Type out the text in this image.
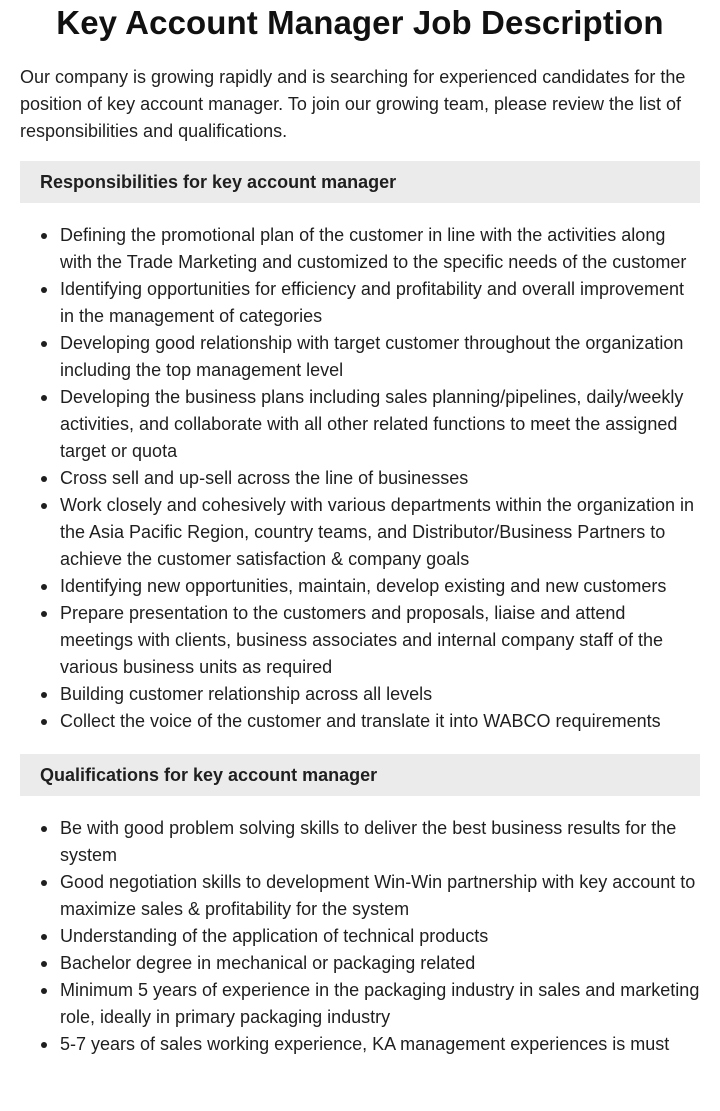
Key Account Manager Job Description

Our company is growing rapidly and is searching for experienced candidates for the position of key account manager. To join our growing team, please review the list of responsibilities and qualifications.

Responsibilities for key account manager
Defining the promotional plan of the customer in line with the activities along with the Trade Marketing and customized to the specific needs of the customer
Identifying opportunities for efficiency and profitability and overall improvement in the management of categories
Developing good relationship with target customer throughout the organization including the top management level
Developing the business plans including sales planning/pipelines, daily/weekly activities, and collaborate with all other related functions to meet the assigned target or quota
Cross sell and up-sell across the line of businesses
Work closely and cohesively with various departments within the organization in the Asia Pacific Region, country teams, and Distributor/Business Partners to achieve the customer satisfaction & company goals
Identifying new opportunities, maintain, develop existing and new customers
Prepare presentation to the customers and proposals, liaise and attend meetings with clients, business associates and internal company staff of the various business units as required
Building customer relationship across all levels
Collect the voice of the customer and translate it into WABCO requirements
Qualifications for key account manager
Be with good problem solving skills to deliver the best business results for the system
Good negotiation skills to development Win-Win partnership with key account to maximize sales & profitability for the system
Understanding of the application of technical products
Bachelor degree in mechanical or packaging related
Minimum 5 years of experience in the packaging industry in sales and marketing role, ideally in primary packaging industry
5-7 years of sales working experience, KA management experiences is must
